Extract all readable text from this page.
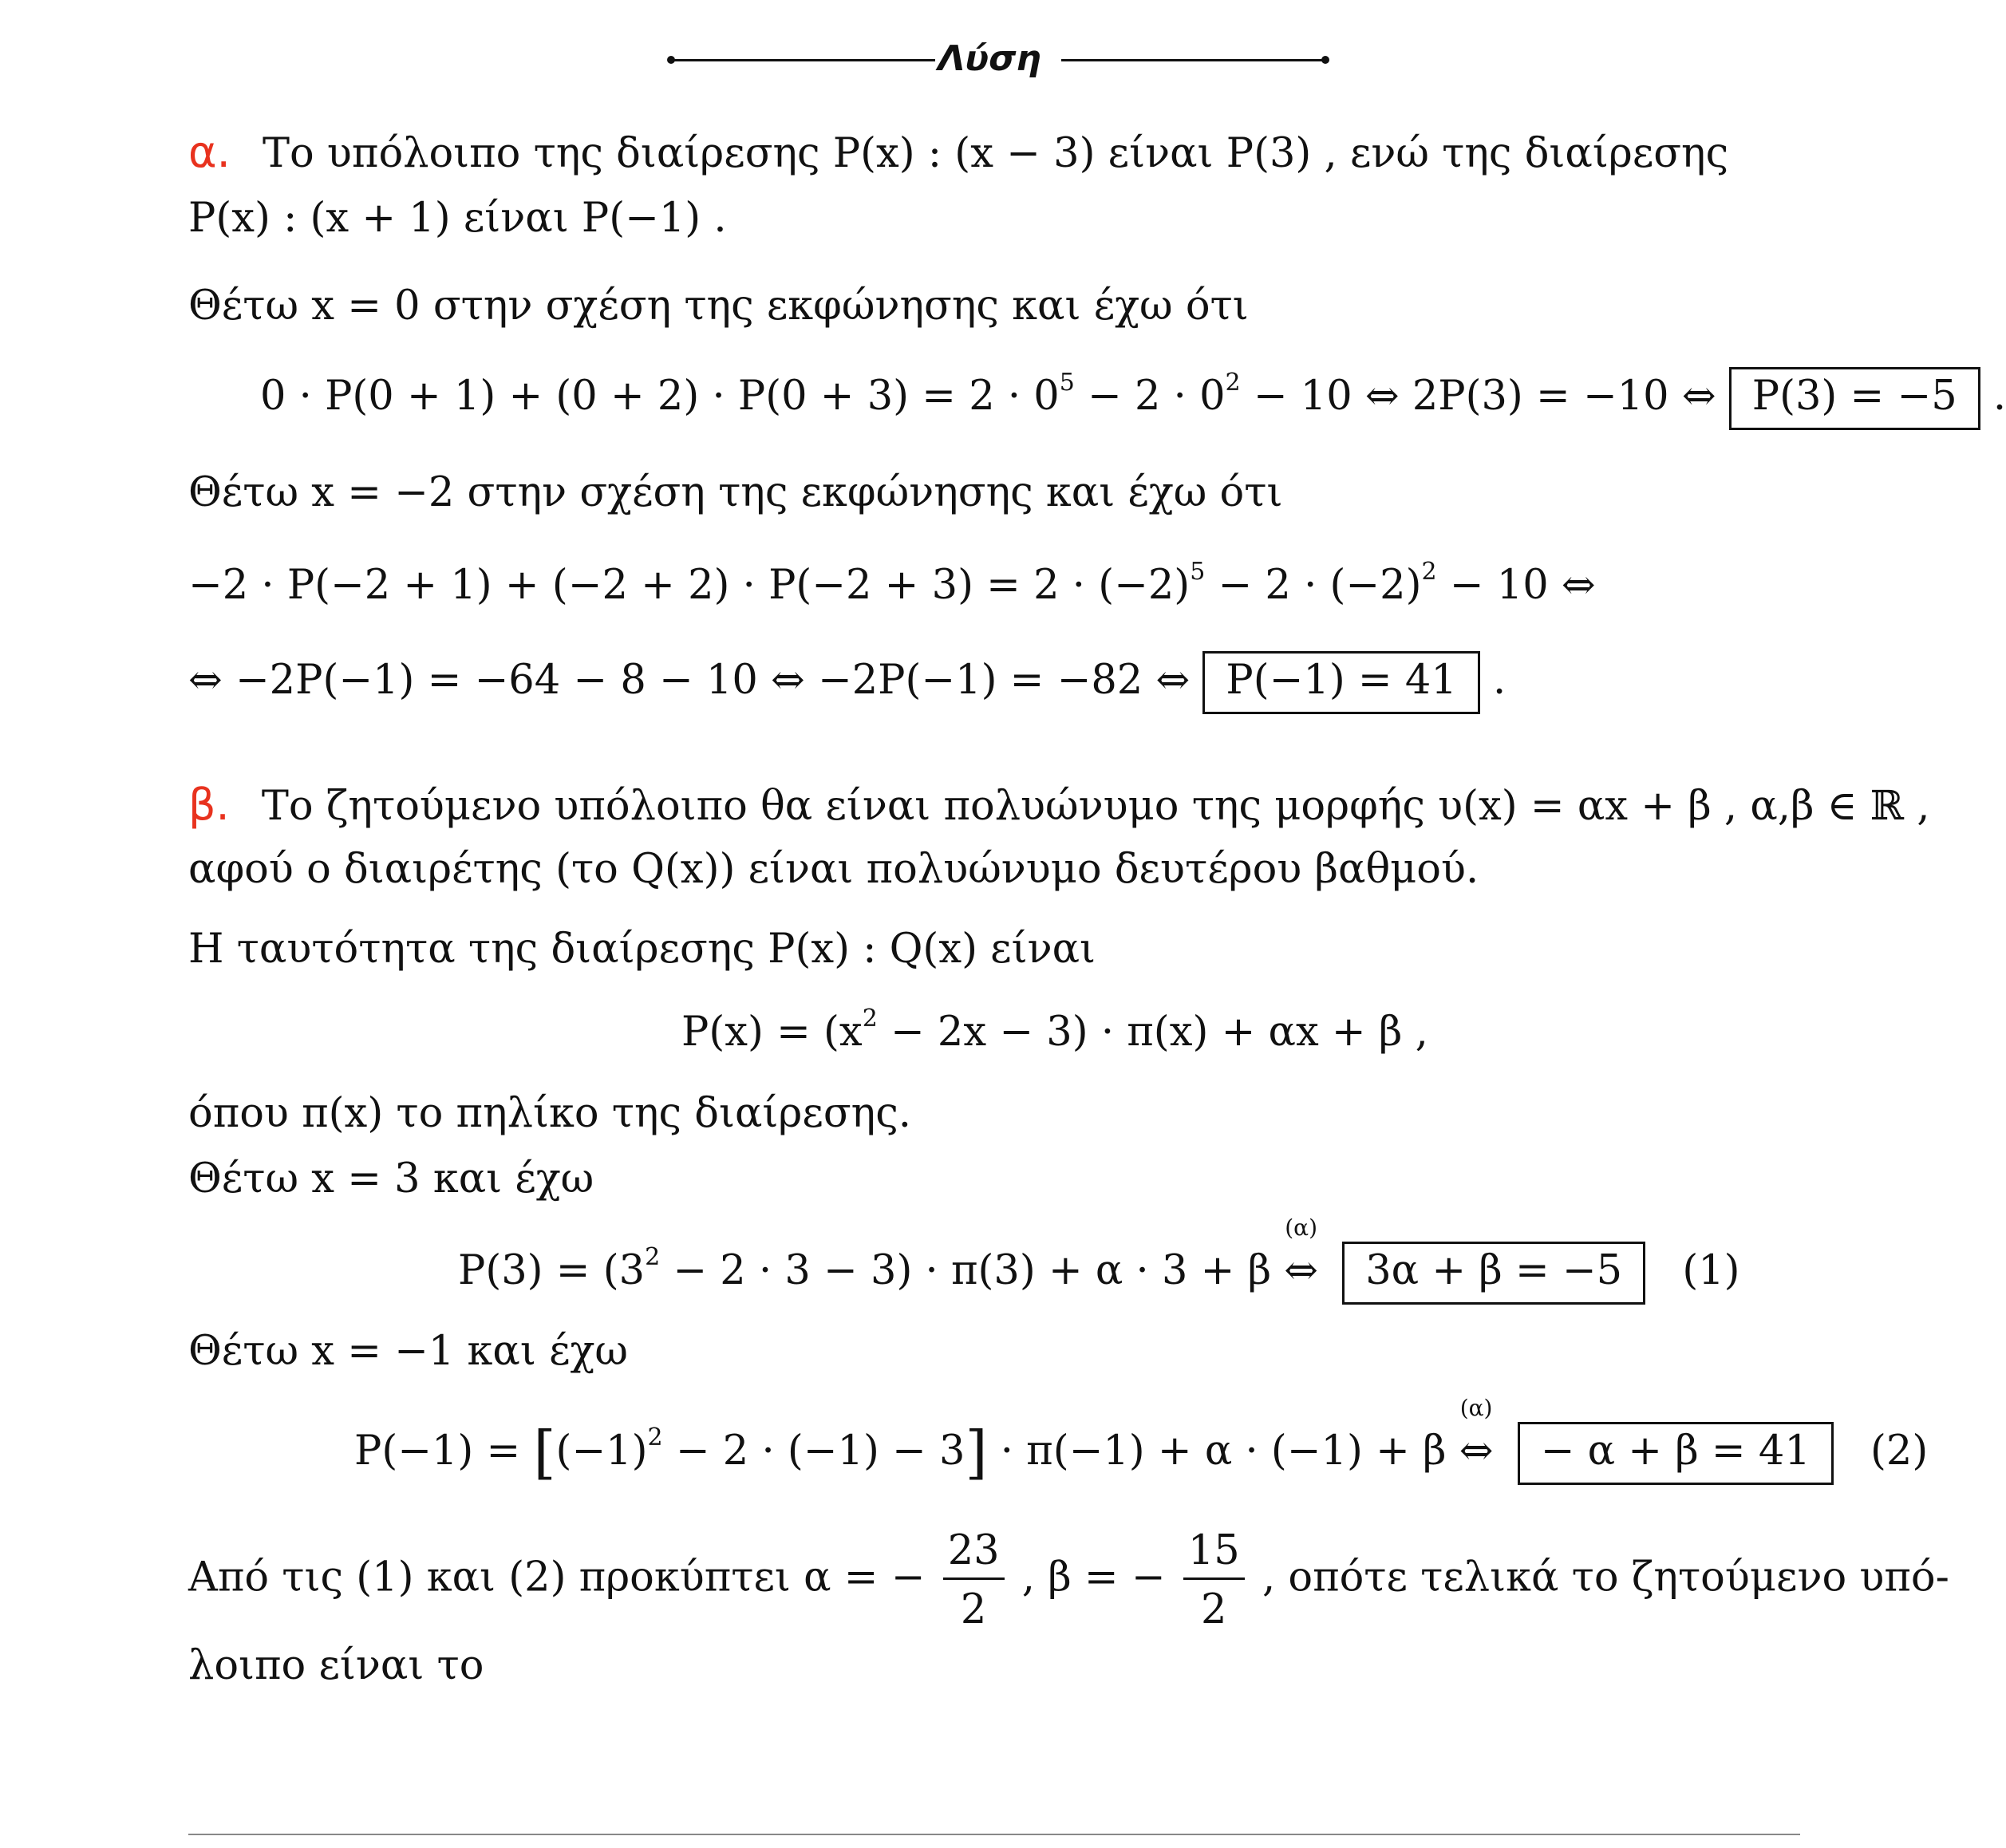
Λύση
α. Το υπόλοιπο της διαίρεσης P(x) : (x − 3) είναι P(3) , ενώ της διαίρεσης
P(x) : (x + 1) είναι P(−1) .
Θέτω x = 0 στην σχέση της εκφώνησης και έχω ότι
$0 \cdot P(0 + 1) + (0 + 2) \cdot P(0 + 3) = 2 \cdot 0^5 - 2 \cdot 0^2 - 10$ ⇔ 2P(3) = −10 ⇔ P(3) = −5 .
Θέτω x = −2 στην σχέση της εκφώνησης και έχω ότι
$-2 \cdot P(-2 + 1) + (-2 + 2) \cdot P(-2 + 3) = 2 \cdot (-2)^5 - 2 \cdot (-2)^2 - 10$ ⇔
⇔ −2P(−1) = −64 − 8 − 10 ⇔ −2P(−1) = −82 ⇔ P(−1) = 41 .
β. Το ζητούμενο υπόλοιπο θα είναι πολυώνυμο της μορφής υ(x) = αx + β , α,β ∈ ℝ ,
αφού ο διαιρέτης (το Q(x)) είναι πολυώνυμο δευτέρου βαθμού.
Η ταυτότητα της διαίρεσης P(x) : Q(x) είναι
$P(x) = (x^2 - 2x - 3) \cdot \pi(x) + \alpha x + \beta$ ,
όπου π(x) το πηλίκο της διαίρεσης.
Θέτω x = 3 και έχω
$P(3) = (3^2 - 2 \cdot 3 - 3) \cdot \pi(3) + \alpha \cdot 3 + \beta$
(α)
⇔ 3α + β = −5 (1)
Θέτω x = −1 και έχω
$P(-1) = [(-1)^2 - 2 \cdot (-1) - 3] \cdot \pi(-1) + \alpha \cdot (-1) + \beta$
(α)
⇔ − α + β = 41 (2)
Από τις (1) και (2) προκύπτει α = − $\frac{23}{2}$ , β = − $\frac{15}{2}$ , οπότε τελικά το ζητούμενο υπό-
λοιπο είναι το
